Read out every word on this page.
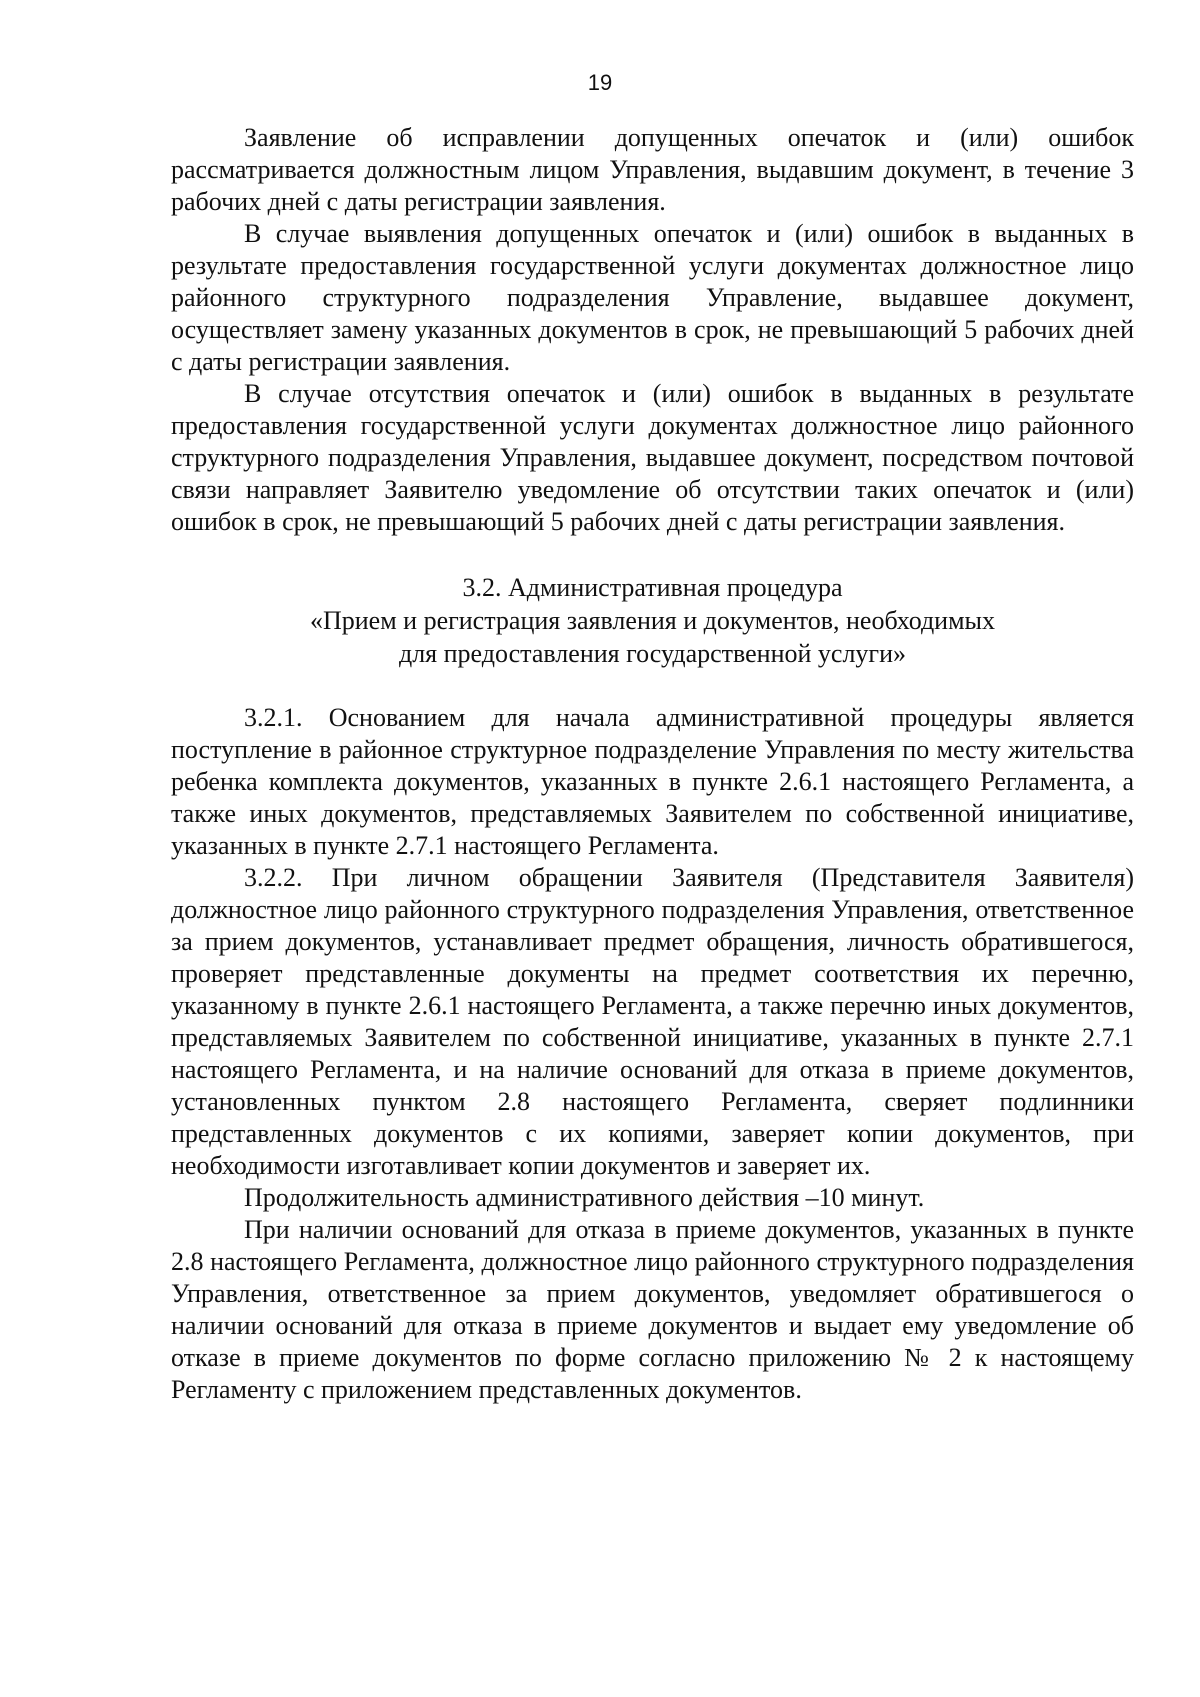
19

Заявление об исправлении допущенных опечаток и (или) ошибок рассматривается должностным лицом Управления, выдавшим документ, в течение 3 рабочих дней с даты регистрации заявления.

В случае выявления допущенных опечаток и (или) ошибок в выданных в результате предоставления государственной услуги документах должностное лицо районного структурного подразделения Управление, выдавшее документ, осуществляет замену указанных документов в срок, не превышающий 5 рабочих дней с даты регистрации заявления.

В случае отсутствия опечаток и (или) ошибок в выданных в результате предоставления государственной услуги документах должностное лицо районного структурного подразделения Управления, выдавшее документ, посредством почтовой связи направляет Заявителю уведомление об отсутствии таких опечаток и (или) ошибок в срок, не превышающий 5 рабочих дней с даты регистрации заявления.

3.2. Административная процедура
«Прием и регистрация заявления и документов, необходимых
для предоставления государственной услуги»

3.2.1. Основанием для начала административной процедуры является поступление в районное структурное подразделение Управления по месту жительства ребенка комплекта документов, указанных в пункте 2.6.1 настоящего Регламента, а также иных документов, представляемых Заявителем по собственной инициативе, указанных в пункте 2.7.1 настоящего Регламента.

3.2.2. При личном обращении Заявителя (Представителя Заявителя) должностное лицо районного структурного подразделения Управления, ответственное за прием документов, устанавливает предмет обращения, личность обратившегося, проверяет представленные документы на предмет соответствия их перечню, указанному в пункте 2.6.1 настоящего Регламента, а также перечню иных документов, представляемых Заявителем по собственной инициативе, указанных в пункте 2.7.1 настоящего Регламента, и на наличие оснований для отказа в приеме документов, установленных пунктом 2.8 настоящего Регламента, сверяет подлинники представленных документов с их копиями, заверяет копии документов, при необходимости изготавливает копии документов и заверяет их.

Продолжительность административного действия –10 минут.

При наличии оснований для отказа в приеме документов, указанных в пункте 2.8 настоящего Регламента, должностное лицо районного структурного подразделения Управления, ответственное за прием документов, уведомляет обратившегося о наличии оснований для отказа в приеме документов и выдает ему уведомление об отказе в приеме документов по форме согласно приложению № 2 к настоящему Регламенту с приложением представленных документов.
